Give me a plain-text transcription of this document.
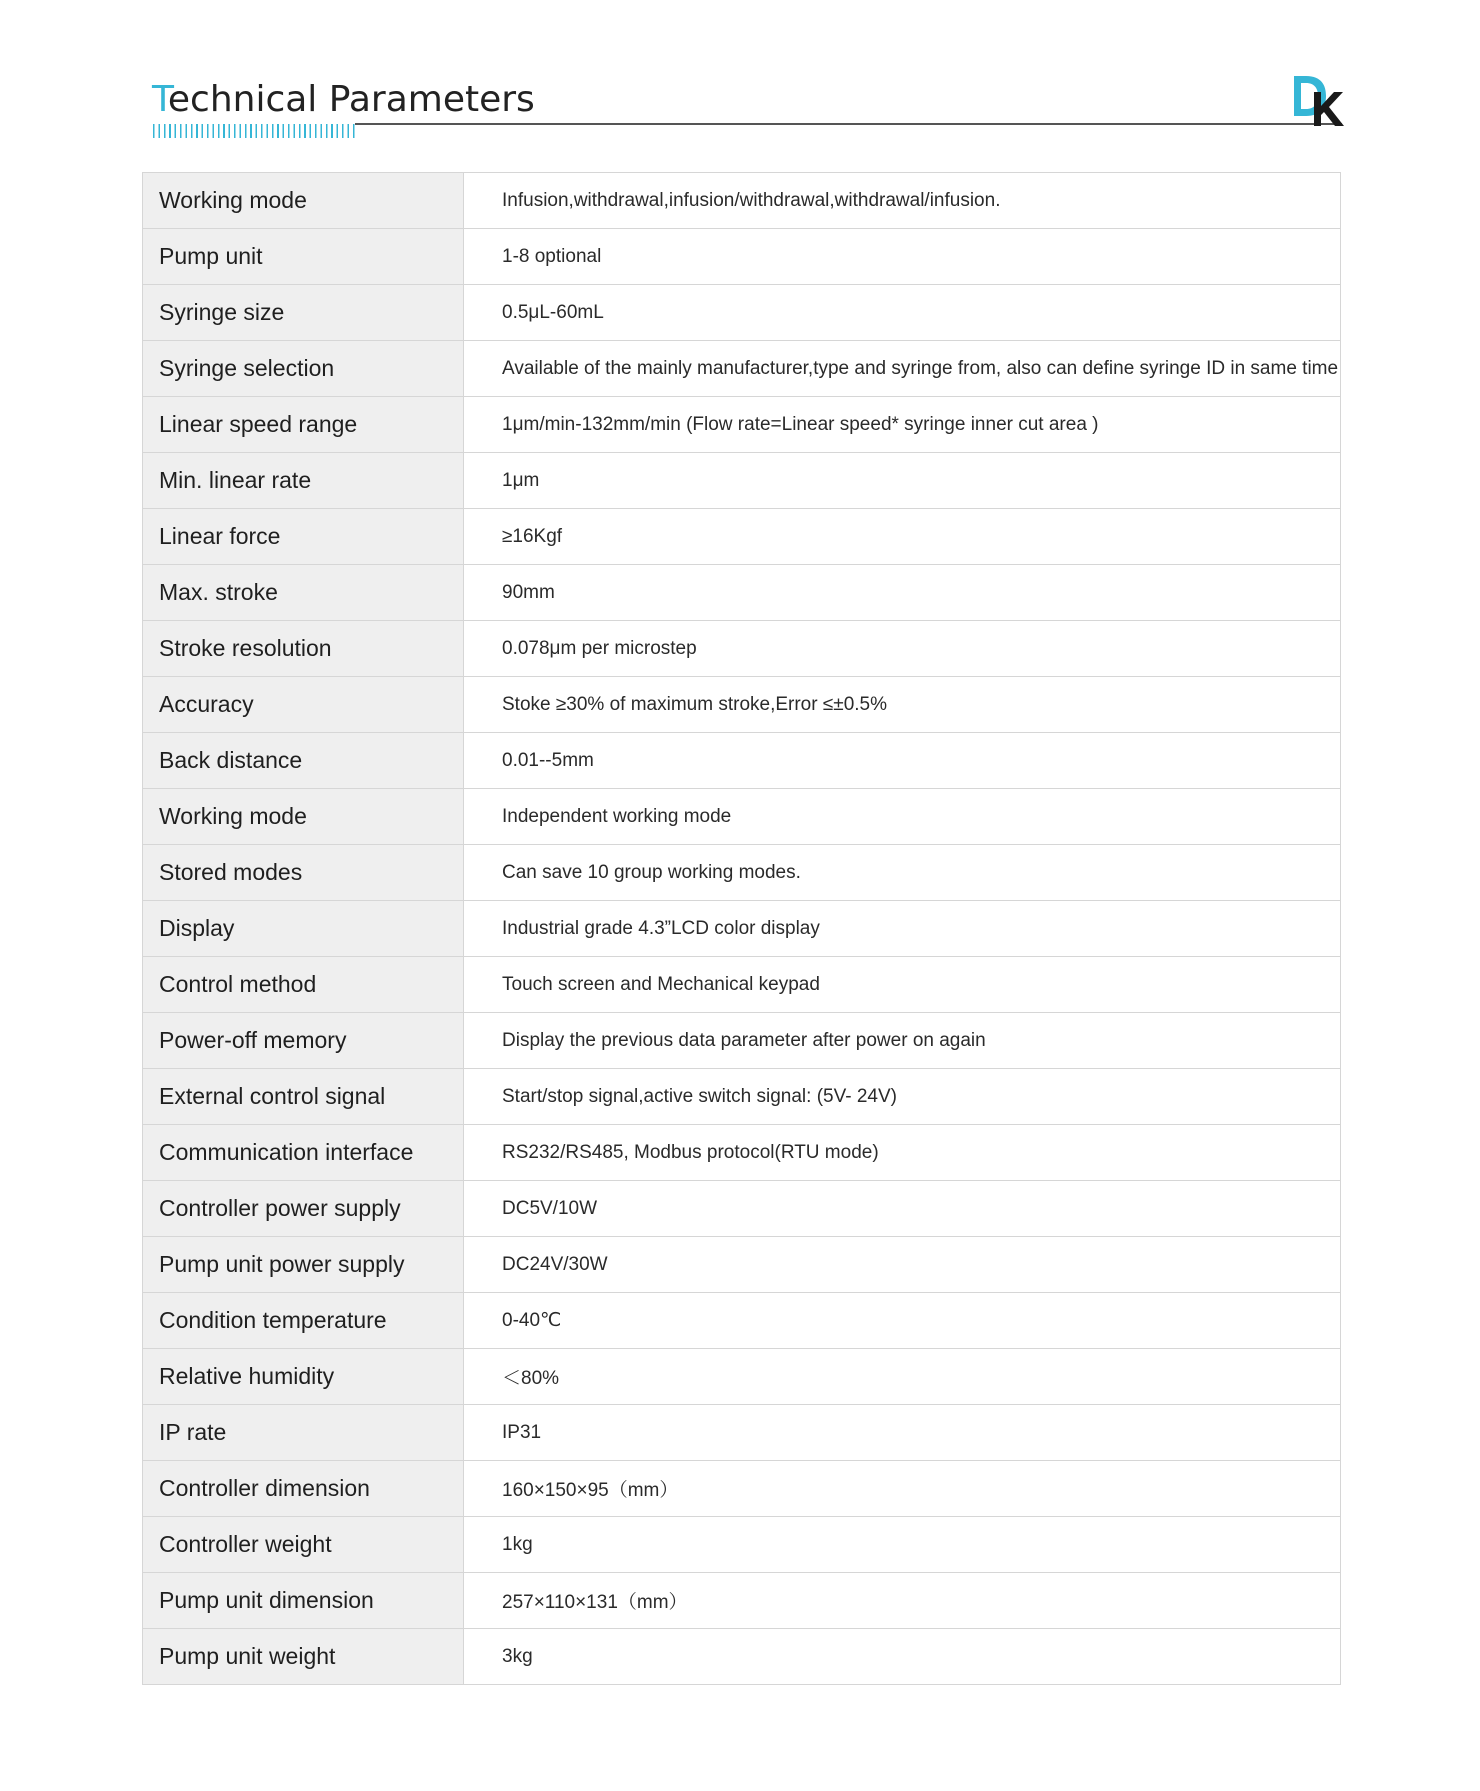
Technical Parameters
Working mode	Infusion,withdrawal,infusion/withdrawal,withdrawal/infusion.
Pump unit	1-8 optional
Syringe size	0.5μL-60mL
Syringe selection	Available of the mainly manufacturer,type and syringe from, also can define syringe ID in same time
Linear speed range	1μm/min-132mm/min (Flow rate=Linear speed* syringe inner cut area )
Min. linear rate	1μm
Linear force	≥16Kgf
Max. stroke	90mm
Stroke resolution	0.078μm per microstep
Accuracy	Stoke ≥30% of maximum stroke,Error ≤±0.5%
Back distance	0.01--5mm
Working mode	Independent working mode
Stored modes	Can save 10 group working modes.
Display	Industrial grade 4.3”LCD color display
Control method	Touch screen and Mechanical keypad
Power-off memory	Display the previous data parameter after power on again
External control signal	Start/stop signal,active switch signal: (5V- 24V)
Communication interface	RS232/RS485, Modbus protocol(RTU mode)
Controller power supply	DC5V/10W
Pump unit power supply	DC24V/30W
Condition temperature	0-40℃
Relative humidity	＜80%
IP rate	IP31
Controller dimension	160×150×95（mm）
Controller weight	1kg
Pump unit dimension	257×110×131（mm）
Pump unit weight	3kg
